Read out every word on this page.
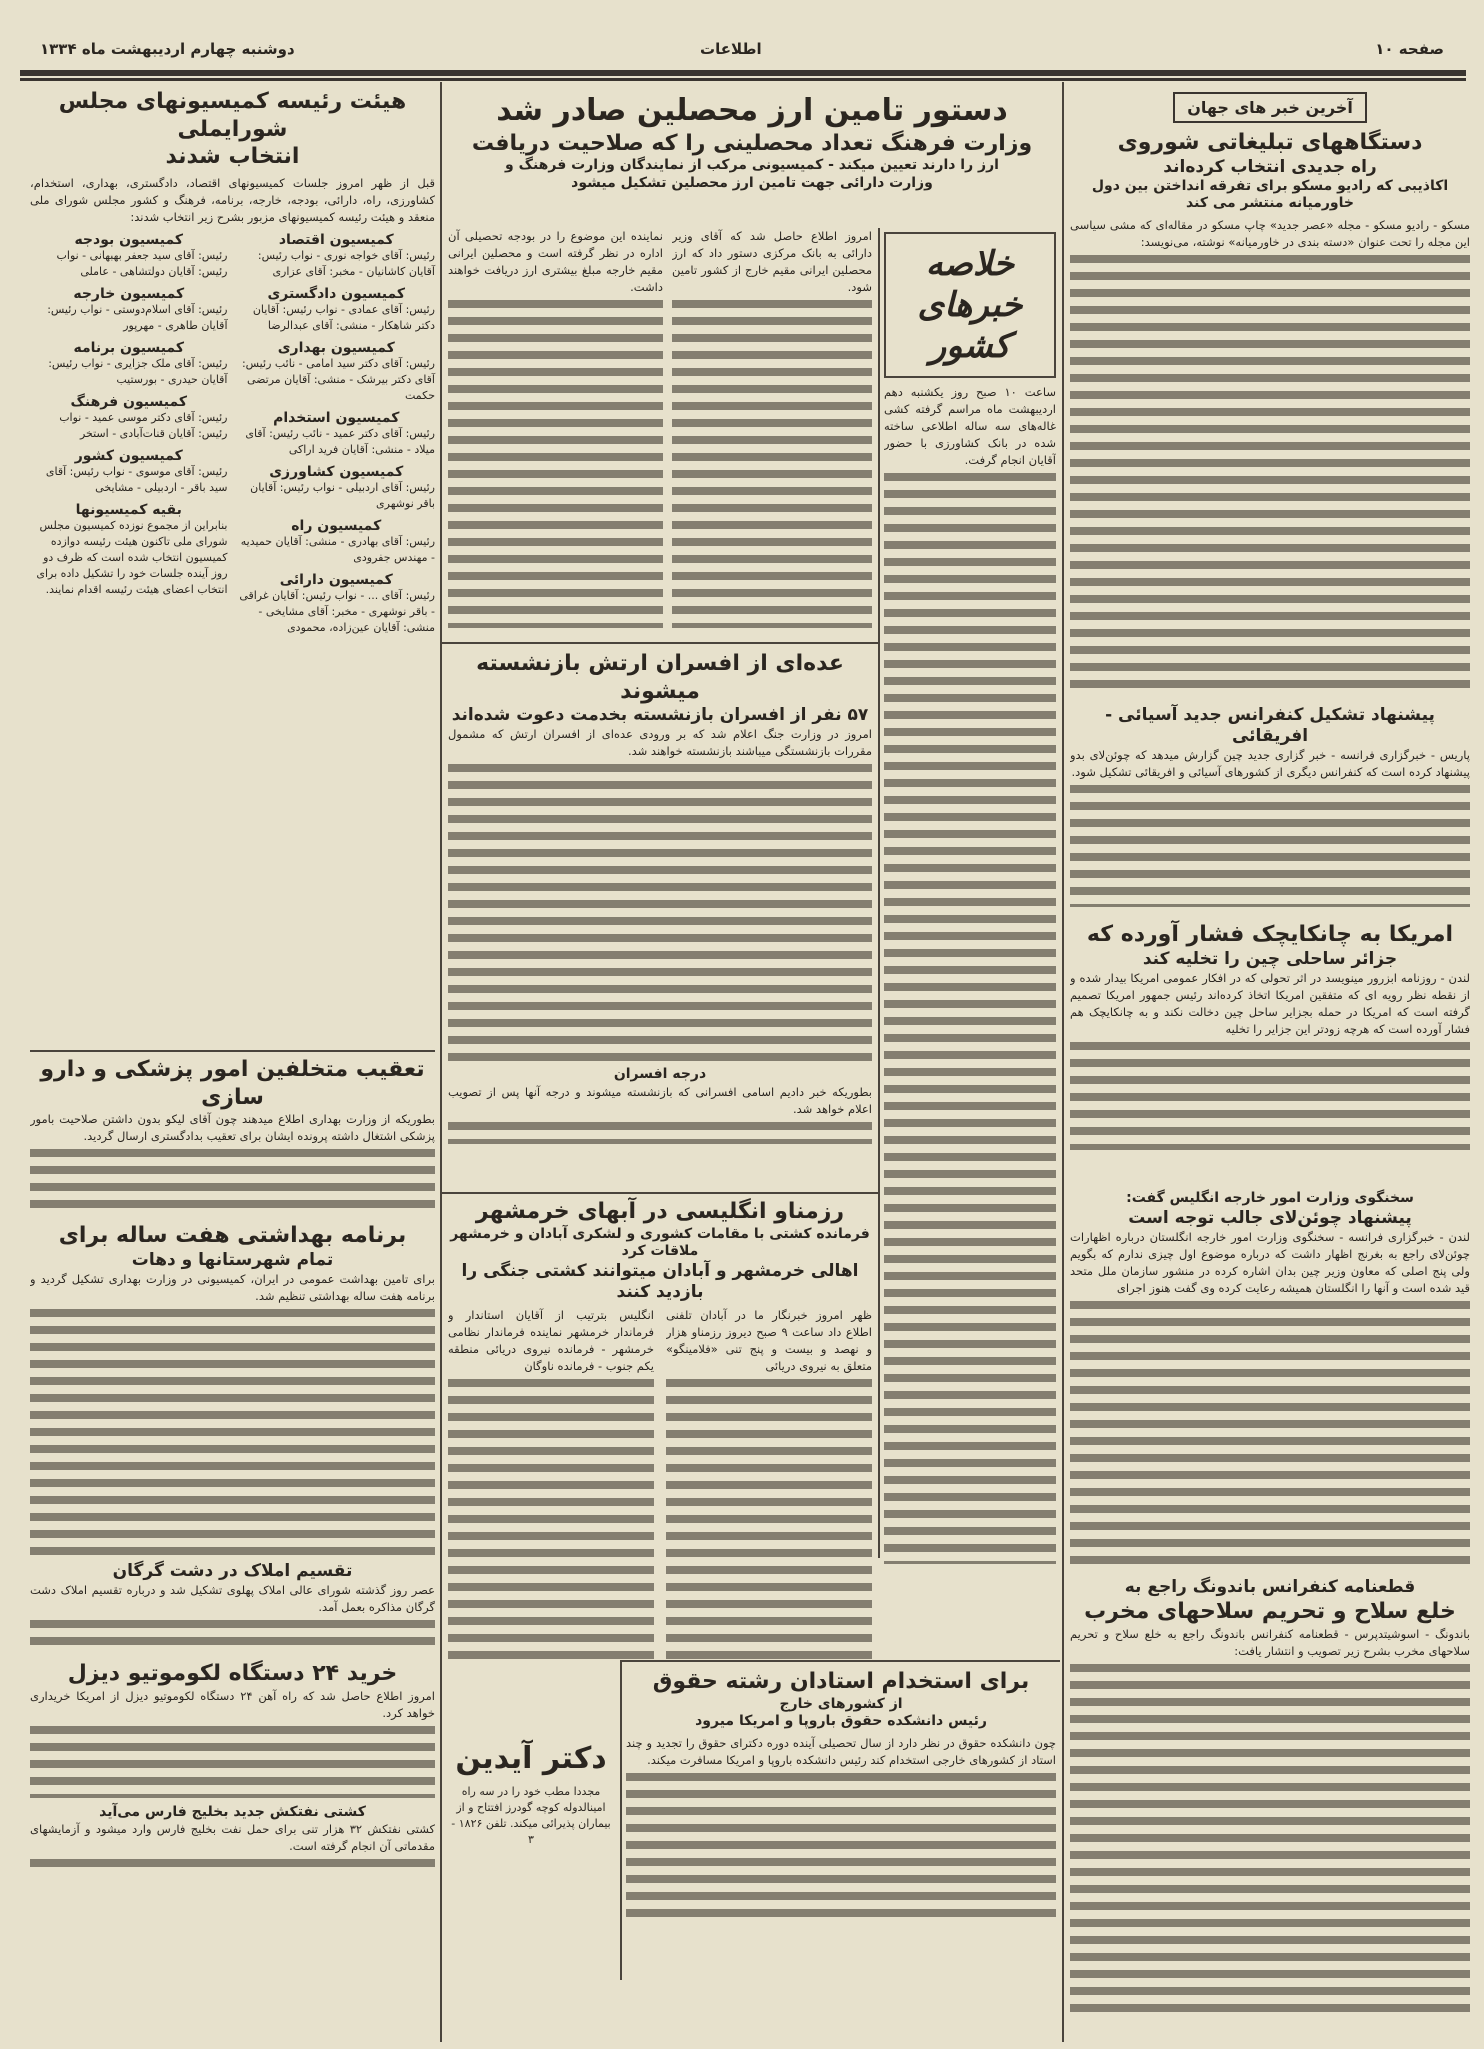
صفحه ۱۰
اطلاعات
دوشنبه چهارم اردیبهشت ماه ۱۳۳۴
آخرین خبر های جهان
دستگاههای تبلیغاتی شوروی
راه جدیدی انتخاب کرده‌اند
اکاذیبی که رادیو مسکو برای تفرقه انداختن بین دول خاورمیانه منتشر می کند
مسکو - رادیو مسکو - مجله «عصر جدید» چاپ مسکو در مقاله‌ای که مشی سیاسی این مجله را تحت عنوان «دسته بندی در خاورمیانه» نوشته، می‌نویسد:
پیشنهاد تشکیل کنفرانس جدید آسیائی - افریقائی
پاریس - خبرگزاری فرانسه - خبر گزاری جدید چین گزارش میدهد که چوئن‌لای بدو پیشنهاد کرده است که کنفرانس دیگری از کشورهای آسیائی و افریقائی تشکیل شود.
امریکا به چانکایچک فشار آورده که
جزائر ساحلی چین را تخلیه کند
لندن - روزنامه ابزرور مینویسد در اثر تحولی که در افکار عمومی امریکا بیدار شده و از نقطه نظر رویه ای که متفقین امریکا اتخاذ کرده‌اند رئیس جمهور امریکا تصمیم گرفته است که امریکا در حمله بجزایر ساحل چین دخالت نکند و به چانکایچک هم فشار آورده است که هرچه زودتر این جزایر را تخلیه
سخنگوی وزارت امور خارجه انگلیس گفت:
پیشنهاد چوئن‌لای جالب توجه است
لندن - خبرگزاری فرانسه - سخنگوی وزارت امور خارجه انگلستان درباره اظهارات چوئن‌لای راجع به بغرنج اظهار داشت که درباره موضوع اول چیزی ندارم که بگویم ولی پنج اصلی که معاون وزیر چین بدان اشاره کرده در منشور سازمان ملل متحد قید شده است و آنها را انگلستان همیشه رعایت کرده‌ وی گفت هنوز اجرای
قطعنامه کنفرانس باندونگ راجع به
خلع سلاح و تحریم سلاحهای مخرب
باندونگ - اسوشیتدپرس - قطعنامه کنفرانس باندونگ راجع به خلع سلاح و تحریم سلاحهای مخرب بشرح زیر تصویب و انتشار یافت:
دستور تامین ارز محصلین صادر شد
وزارت فرهنگ تعداد محصلینی را که صلاحیت دریافت
ارز را دارند تعیین میکند - کمیسیونی مرکب از نمایندگان وزارت فرهنگ و
وزارت دارائی جهت تامین ارز محصلین تشکیل میشود
امروز اطلاع حاصل شد که آقای وزیر دارائی به بانک مرکزی دستور داد که ارز محصلین ایرانی مقیم خارج از کشور تامین شود.
نماینده این موضوع را در بودجه تحصیلی آن اداره در نظر گرفته است و محصلین ایرانی مقیم خارجه مبلغ بیشتری ارز دریافت خواهند داشت.
خلاصه خبرهای کشور
ساعت ۱۰ صبح روز یکشنبه دهم اردیبهشت ماه مراسم گرفته کشی غاله‌های سه ساله اطلاعی ساخته شده در بانک کشاورزی با حضور آقایان انجام گرفت.
عده‌ای از افسران ارتش بازنشسته میشوند
۵۷ نفر از افسران بازنشسته بخدمت دعوت شده‌اند
امروز در وزارت جنگ اعلام شد که بر ورودی عده‌ای از افسران ارتش که مشمول مقررات بازنشستگی میباشند بازنشسته خواهند شد.
درجه افسران
بطوریکه خبر دادیم اسامی افسرانی که بازنشسته میشوند و درجه آنها پس از تصویب اعلام خواهد شد.
رزمناو انگلیسی در آبهای خرمشهر
فرمانده کشتی با مقامات کشوری و لشکری آبادان و خرمشهر ملاقات کرد
اهالی خرمشهر و آبادان میتوانند کشتی جنگی را بازدید کنند
ظهر امروز خبرنگار ما در آبادان تلفنی اطلاع داد ساعت ۹ صبح دیروز رزمناو هزار و نهصد و بیست و پنج تنی «فلامینگو» متعلق به نیروی دریائی
انگلیس بترتیب از آقایان استاندار و فرماندار خرمشهر نماینده فرماندار نظامی خرمشهر - فرمانده نیروی دریائی منطقه یکم جنوب - فرمانده ناوگان
برای استخدام استادان رشته حقوق
از کشورهای خارج
رئیس دانشکده حقوق باروپا و امریکا میرود
چون دانشکده حقوق در نظر دارد از سال تحصیلی آینده دوره دکترای حقوق را تجدید و چند استاد از کشورهای خارجی استخدام کند رئیس دانشکده باروپا و امریکا مسافرت میکند.
دکتر آیدین
مجددا مطب خود را در سه راه امینالدوله کوچه گودرز افتتاح و از بیماران پذیرائی میکند. تلفن ۱۸۲۶ - ۳
هیئت رئیسه کمیسیونهای مجلس شورایملی
انتخاب شدند
قبل از ظهر امروز جلسات کمیسیونهای اقتصاد، دادگستری، بهداری، استخدام، کشاورزی، راه، دارائی، بودجه، خارجه، برنامه، فرهنگ و کشور مجلس شورای ملی منعقد و هیئت رئیسه کمیسیونهای مزبور بشرح زیر انتخاب شدند:
کمیسیون اقتصاد

رئیس: آقای خواجه نوری - نواب رئیس: آقایان کاشانیان - مخبر: آقای عزاری

کمیسیون دادگستری

رئیس: آقای عمادی - نواب رئیس: آقایان دکتر شاهکار - منشی: آقای عبدالرضا

کمیسیون بهداری

رئیس: آقای دکتر سید امامی - نائب رئیس: آقای دکتر بیرشک - منشی: آقایان مرتضی حکمت

کمیسیون استخدام

رئیس: آقای دکتر عمید - نائب رئیس: آقای میلاد - منشی: آقایان فرید اراکی

کمیسیون کشاورزی

رئیس: آقای اردبیلی - نواب رئیس: آقایان باقر نوشهری

کمیسیون راه

رئیس: آقای بهادری - منشی: آقایان حمیدیه - مهندس جفرودی

کمیسیون دارائی

رئیس: آقای ... - نواب رئیس: آقایان غراقی - باقر نوشهری - مخبر: آقای مشایخی - منشی: آقایان عین‌زاده، محمودی

کمیسیون بودجه

رئیس: آقای سید جعفر بهبهانی - نواب رئیس: آقایان دولتشاهی - عاملی

کمیسیون خارجه

رئیس: آقای اسلام‌دوستی - نواب رئیس: آقایان طاهری - مهرپور

کمیسیون برنامه

رئیس: آقای ملک جزایری - نواب رئیس: آقایان حیدری - بورستیب

کمیسیون فرهنگ

رئیس: آقای دکتر موسی عمید - نواب رئیس: آقایان قنات‌آبادی - استخر

کمیسیون کشور

رئیس: آقای موسوی - نواب رئیس: آقای سید باقر - اردبیلی - مشایخی

بقیه کمیسیونها

بنابراین از مجموع نوزده کمیسیون مجلس شورای ملی تاکنون هیئت رئیسه دوازده کمیسیون انتخاب شده است که ظرف دو روز آینده جلسات خود را تشکیل داده برای انتخاب اعضای هیئت رئیسه اقدام نمایند.

تعقیب متخلفین امور پزشکی و دارو سازی
بطوریکه از وزارت بهداری اطلاع میدهند چون آقای لیکو بدون داشتن صلاحیت بامور پزشکی اشتغال داشته پرونده ایشان برای تعقیب بدادگستری ارسال گردید.
برنامه بهداشتی هفت ساله برای
تمام شهرستانها و دهات
برای تامین بهداشت عمومی در ایران، کمیسیونی در وزارت بهداری تشکیل گردید و برنامه هفت ساله بهداشتی تنظیم شد.
تقسیم املاک در دشت گرگان
عصر روز گذشته شورای عالی املاک پهلوی تشکیل شد و درباره تقسیم املاک دشت گرگان مذاکره بعمل آمد.
خرید ۲۴ دستگاه لکوموتیو دیزل
امروز اطلاع حاصل شد که راه آهن ۲۴ دستگاه لکوموتیو دیزل از امریکا خریداری خواهد کرد.
کشتی نفتکش جدید بخلیج فارس می‌آید
کشتی نفتکش ۳۲ هزار تنی برای حمل نفت بخلیج فارس وارد میشود و آزمایشهای مقدماتی آن انجام گرفته است.
